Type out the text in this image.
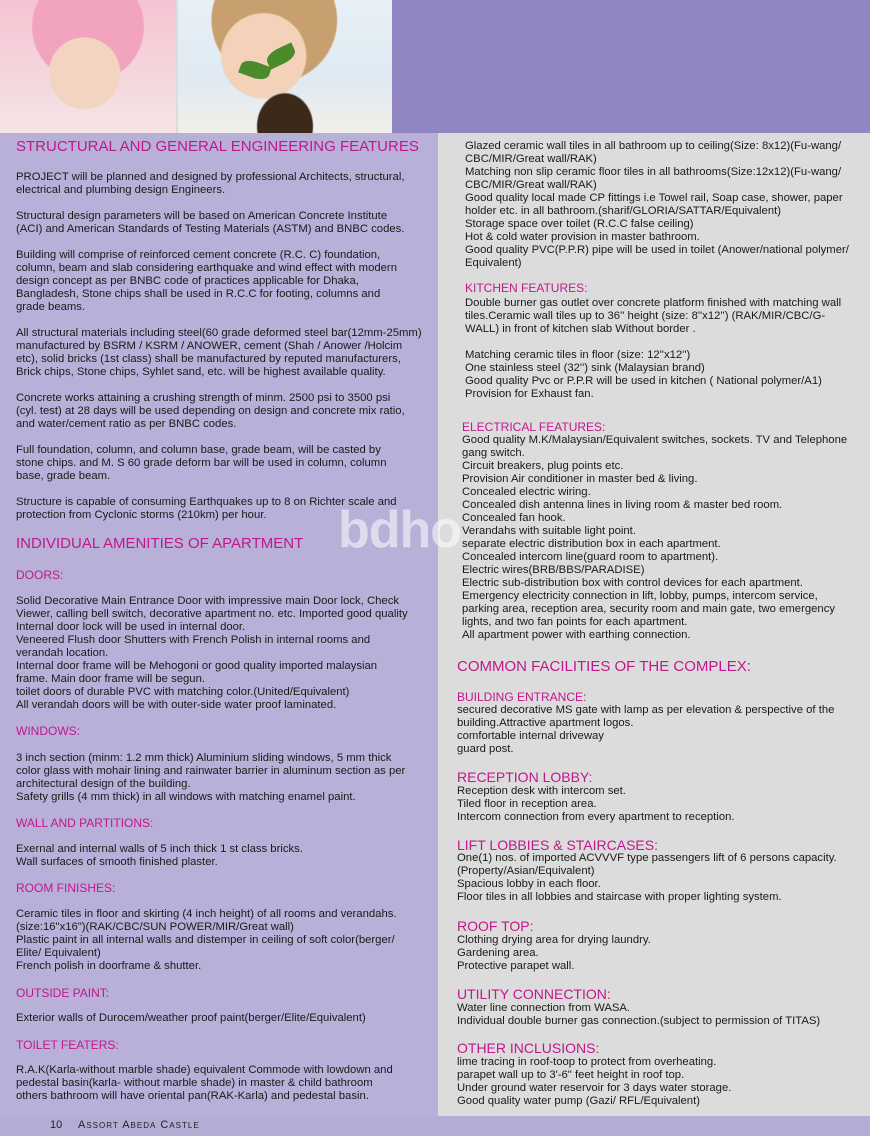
STRUCTURAL AND GENERAL ENGINEERING FEATURES
PROJECT will be planned and designed by professional Architects, structural,
electrical and plumbing design Engineers.
Structural design parameters will be based on American Concrete Institute
(ACI) and American Standards of Testing Materials (ASTM) and BNBC codes.
Building will comprise of reinforced cement concrete (R.C. C) foundation,
column, beam and slab considering earthquake and wind effect with modern
design concept as per BNBC code of practices applicable for Dhaka,
Bangladesh, Stone chips shall be used in R.C.C for footing, columns and
grade beams.
All structural materials including steel(60 grade deformed steel bar(12mm-25mm)
manufactured by BSRM / KSRM / ANOWER, cement (Shah / Anower /Holcim
etc), solid bricks (1st class) shall be manufactured by reputed manufacturers,
Brick chips, Stone chips, Syhlet sand, etc. will be highest available quality.
Concrete works attaining a crushing strength of minm. 2500 psi to 3500 psi
(cyl. test) at 28 days will be used depending on design and concrete mix ratio,
and water/cement ratio as per BNBC codes.
Full foundation, column, and column base, grade beam, will be casted by
stone chips. and M. S 60 grade deform bar will be used in column, column
base, grade beam.
Structure is capable of consuming Earthquakes up to 8 on Richter scale and
protection from Cyclonic storms (210km) per hour.
INDIVIDUAL AMENITIES OF APARTMENT
DOORS:
Solid Decorative Main Entrance Door with impressive main Door lock, Check
Viewer, calling bell switch, decorative apartment no. etc. Imported good quality
Internal door lock will be used in internal door.
Veneered Flush door Shutters with French Polish in internal rooms and
verandah location.
Internal door frame will be Mehogoni or good quality imported malaysian
frame. Main door frame will be segun.
toilet doors of durable PVC with matching color.(United/Equivalent)
All verandah doors will be with outer-side water proof laminated.
WINDOWS:
3 inch section (minm: 1.2 mm thick) Aluminium sliding windows, 5 mm thick
color glass with mohair lining and rainwater barrier in aluminum section as per
architectural design of the building.
Safety grills (4 mm thick) in all windows with matching enamel paint.
WALL AND PARTITIONS:
Exernal and internal walls of 5 inch thick 1 st class bricks.
Wall surfaces of smooth finished plaster.
ROOM FINISHES:
Ceramic tiles in floor and skirting (4 inch height) of all rooms and verandahs.
(size:16"x16")(RAK/CBC/SUN POWER/MIR/Great wall)
Plastic paint in all internal walls and distemper in ceiling of soft color(berger/
Elite/ Equivalent)
French polish in doorframe & shutter.
OUTSIDE PAINT:
Exterior walls of Durocem/weather proof paint(berger/Elite/Equivalent)
TOILET FEATERS:
R.A.K(Karla-without marble shade) equivalent Commode with lowdown and
pedestal basin(karla- without marble shade) in master & child bathroom
others bathroom will have oriental pan(RAK-Karla) and pedestal basin.
Glazed ceramic wall tiles in all bathroom up to ceiling(Size: 8x12)(Fu-wang/
CBC/MIR/Great wall/RAK)
Matching non slip ceramic floor tiles in all bathrooms(Size:12x12)(Fu-wang/
CBC/MIR/Great wall/RAK)
Good quality local made CP fittings i.e Towel rail, Soap case, shower, paper
holder etc. in all bathroom.(sharif/GLORIA/SATTAR/Equivalent)
Storage space over toilet (R.C.C false ceiling)
Hot & cold water provision in master bathroom.
Good quality PVC(P.P.R) pipe will be used in toilet (Anower/national polymer/
Equivalent)
KITCHEN FEATURES:
Double burner gas outlet over concrete platform finished with matching wall
tiles.Ceramic wall tiles up to 36'' height (size: 8''x12'') (RAK/MIR/CBC/G-
WALL) in front of kitchen slab Without border .
Matching ceramic tiles in floor (size: 12''x12'')
One stainless steel (32'') sink (Malaysian brand)
Good quality Pvc or P.P.R will be used in kitchen ( National polymer/A1)
Provision for Exhaust fan.
ELECTRICAL FEATURES:
Good quality M.K/Malaysian/Equivalent switches, sockets. TV and Telephone
gang switch.
Circuit breakers, plug points etc.
Provision Air conditioner in master bed & living.
Concealed electric wiring.
Concealed dish antenna lines in living room & master bed room.
Concealed fan hook.
Verandahs with suitable light point.
separate electric distribution box in each apartment.
Concealed intercom line(guard room to apartment).
Electric wires(BRB/BBS/PARADISE)
Electric sub-distribution box with control devices for each apartment.
Emergency electricity connection in lift, lobby, pumps, intercom service,
parking area, reception area, security room and main gate, two emergency
lights, and two fan points for each apartment.
All apartment power with earthing connection.
COMMON FACILITIES OF THE COMPLEX:
BUILDING ENTRANCE:
secured decorative MS gate with lamp as per elevation & perspective of the
building.Attractive apartment logos.
comfortable internal driveway
guard post.
RECEPTION LOBBY:
Reception desk with intercom set.
Tiled floor in reception area.
Intercom connection from every apartment to reception.
LIFT LOBBIES & STAIRCASES:
One(1) nos. of imported ACVVVF type passengers lift of 6 persons capacity.
(Property/Asian/Equivalent)
Spacious lobby in each floor.
Floor tiles in all lobbies and staircase with proper lighting system.
ROOF TOP:
Clothing drying area for drying laundry.
Gardening area.
Protective parapet wall.
UTILITY CONNECTION:
Water line connection from WASA.
Individual double burner gas connection.(subject to permission of TITAS)
OTHER INCLUSIONS:
lime tracing in roof-toop to protect from overheating.
parapet wall up to 3'-6" feet height in roof top.
Under ground water reservoir for 3 days water storage.
Good quality water pump (Gazi/ RFL/Equivalent)
bdho
10 Assort Abeda Castle
